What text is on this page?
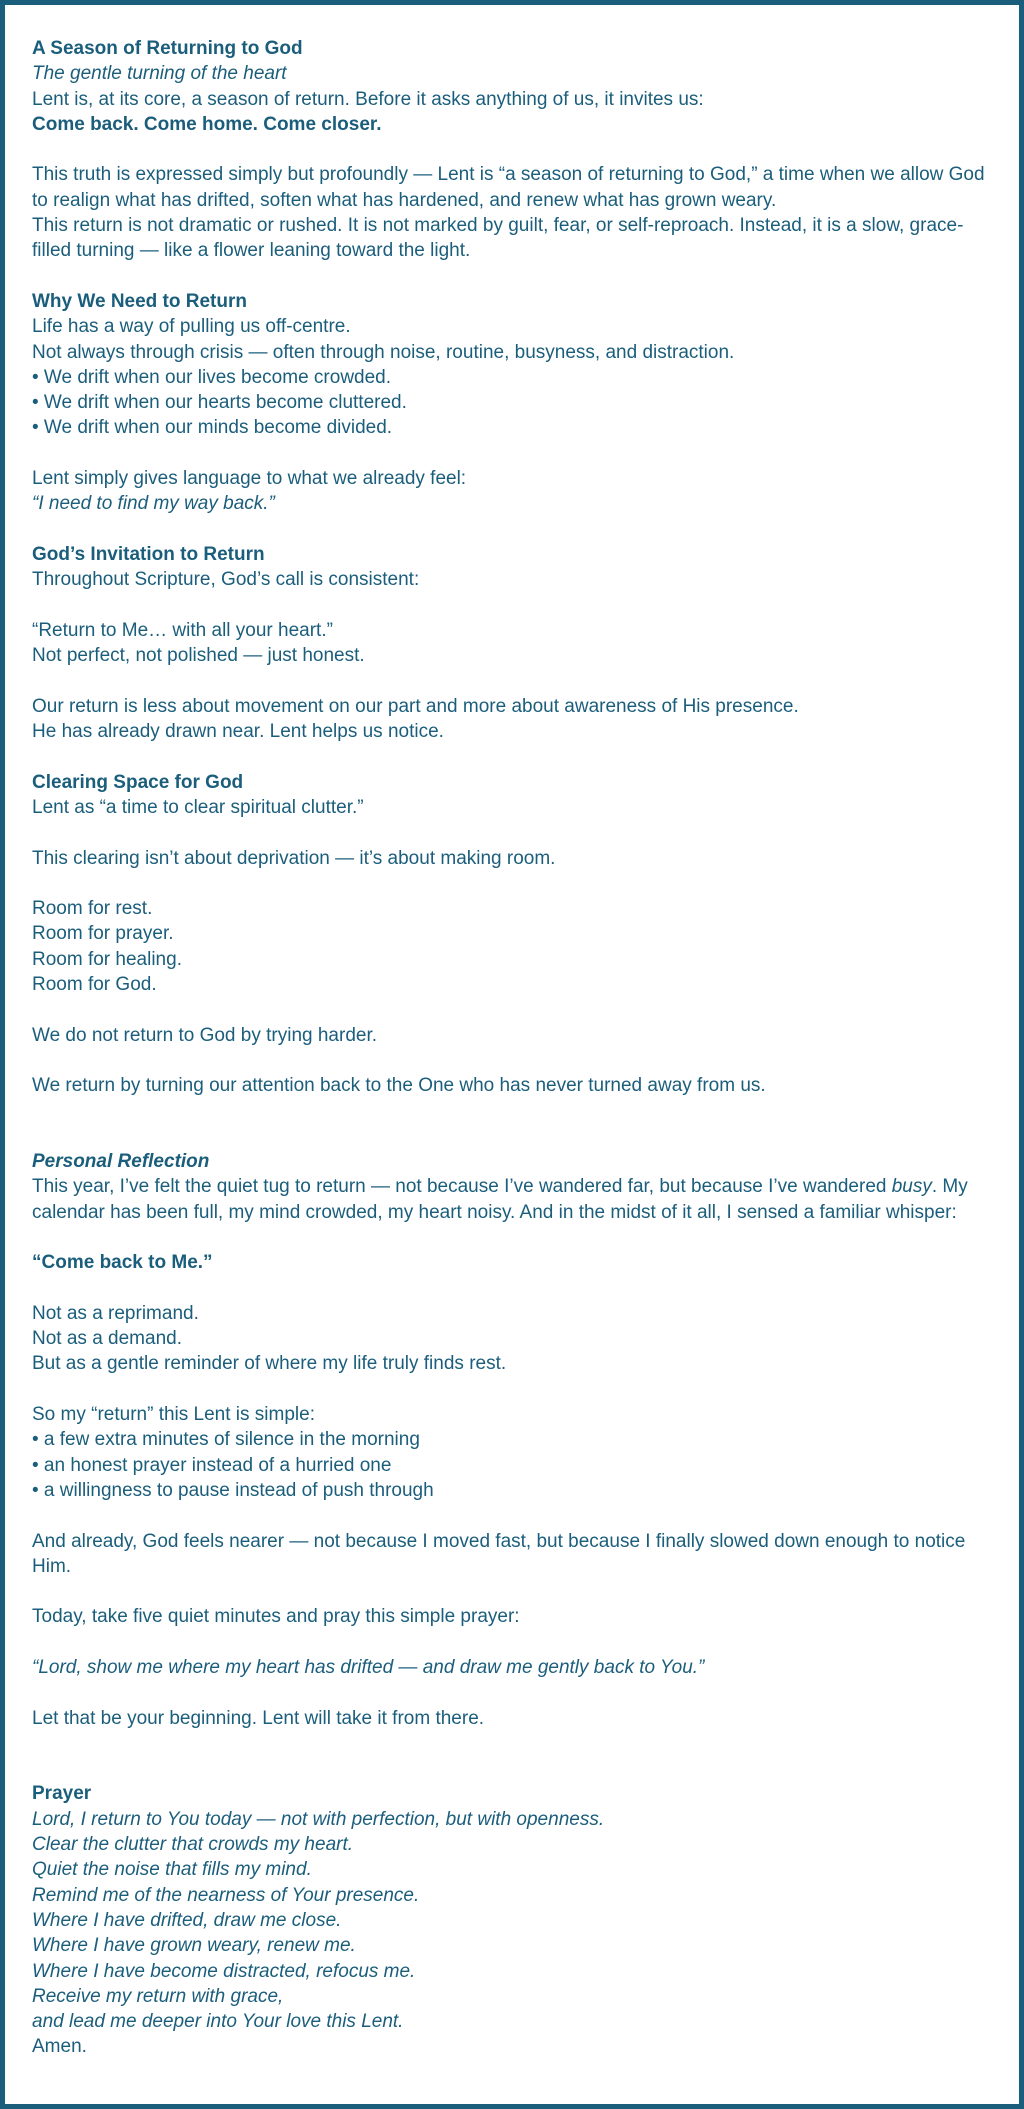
A Season of Returning to God
The gentle turning of the heart
Lent is, at its core, a season of return. Before it asks anything of us, it invites us:
Come back. Come home. Come closer.
This truth is expressed simply but profoundly — Lent is “a season of returning to God,” a time when we allow God to realign what has drifted, soften what has hardened, and renew what has grown weary.
This return is not dramatic or rushed. It is not marked by guilt, fear, or self-reproach. Instead, it is a slow, grace-filled turning — like a flower leaning toward the light.
Why We Need to Return
Life has a way of pulling us off-centre.
Not always through crisis — often through noise, routine, busyness, and distraction.
• We drift when our lives become crowded.
• We drift when our hearts become cluttered.
• We drift when our minds become divided.
Lent simply gives language to what we already feel:
“I need to find my way back.”
God’s Invitation to Return
Throughout Scripture, God’s call is consistent:
“Return to Me… with all your heart.”
Not perfect, not polished — just honest.
Our return is less about movement on our part and more about awareness of His presence.
He has already drawn near. Lent helps us notice.
Clearing Space for God
Lent as “a time to clear spiritual clutter.”
This clearing isn’t about deprivation — it’s about making room.
Room for rest.
Room for prayer.
Room for healing.
Room for God.
We do not return to God by trying harder.
We return by turning our attention back to the One who has never turned away from us.
Personal Reflection
This year, I’ve felt the quiet tug to return — not because I’ve wandered far, but because I’ve wandered busy. My calendar has been full, my mind crowded, my heart noisy. And in the midst of it all, I sensed a familiar whisper:
“Come back to Me.”
Not as a reprimand.
Not as a demand.
But as a gentle reminder of where my life truly finds rest.
So my “return” this Lent is simple:
• a few extra minutes of silence in the morning
• an honest prayer instead of a hurried one
• a willingness to pause instead of push through
And already, God feels nearer — not because I moved fast, but because I finally slowed down enough to notice Him.
Today, take five quiet minutes and pray this simple prayer:
“Lord, show me where my heart has drifted — and draw me gently back to You.”
Let that be your beginning. Lent will take it from there.
Prayer
Lord, I return to You today — not with perfection, but with openness.
Clear the clutter that crowds my heart.
Quiet the noise that fills my mind.
Remind me of the nearness of Your presence.
Where I have drifted, draw me close.
Where I have grown weary, renew me.
Where I have become distracted, refocus me.
Receive my return with grace,
and lead me deeper into Your love this Lent.
Amen.
